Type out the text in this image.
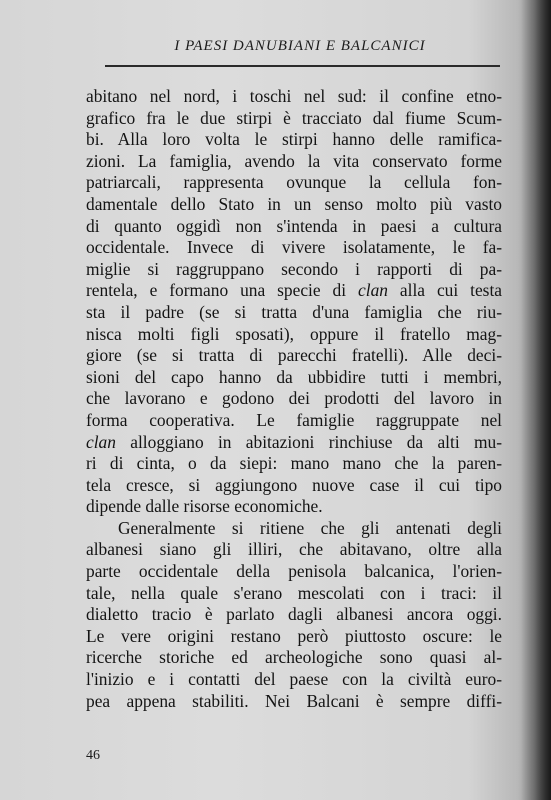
I PAESI DANUBIANI E BALCANICI
abitano nel nord, i toschi nel sud: il confine etno-
grafico fra le due stirpi è tracciato dal fiume Scum-
bi. Alla loro volta le stirpi hanno delle ramifica-
zioni. La famiglia, avendo la vita conservato forme
patriarcali, rappresenta ovunque la cellula fon-
damentale dello Stato in un senso molto più vasto
di quanto oggidì non s'intenda in paesi a cultura
occidentale. Invece di vivere isolatamente, le fa-
miglie si raggruppano secondo i rapporti di pa-
rentela, e formano una specie di clan alla cui testa
sta il padre (se si tratta d'una famiglia che riu-
nisca molti figli sposati), oppure il fratello mag-
giore (se si tratta di parecchi fratelli). Alle deci-
sioni del capo hanno da ubbidire tutti i membri,
che lavorano e godono dei prodotti del lavoro in
forma cooperativa. Le famiglie raggruppate nel
clan alloggiano in abitazioni rinchiuse da alti mu-
ri di cinta, o da siepi: mano mano che la paren-
tela cresce, si aggiungono nuove case il cui tipo
dipende dalle risorse economiche.
Generalmente si ritiene che gli antenati degli
albanesi siano gli illiri, che abitavano, oltre alla
parte occidentale della penisola balcanica, l'orien-
tale, nella quale s'erano mescolati con i traci: il
dialetto tracio è parlato dagli albanesi ancora oggi.
Le vere origini restano però piuttosto oscure: le
ricerche storiche ed archeologiche sono quasi al-
l'inizio e i contatti del paese con la civiltà euro-
pea appena stabiliti. Nei Balcani è sempre diffi-
46
